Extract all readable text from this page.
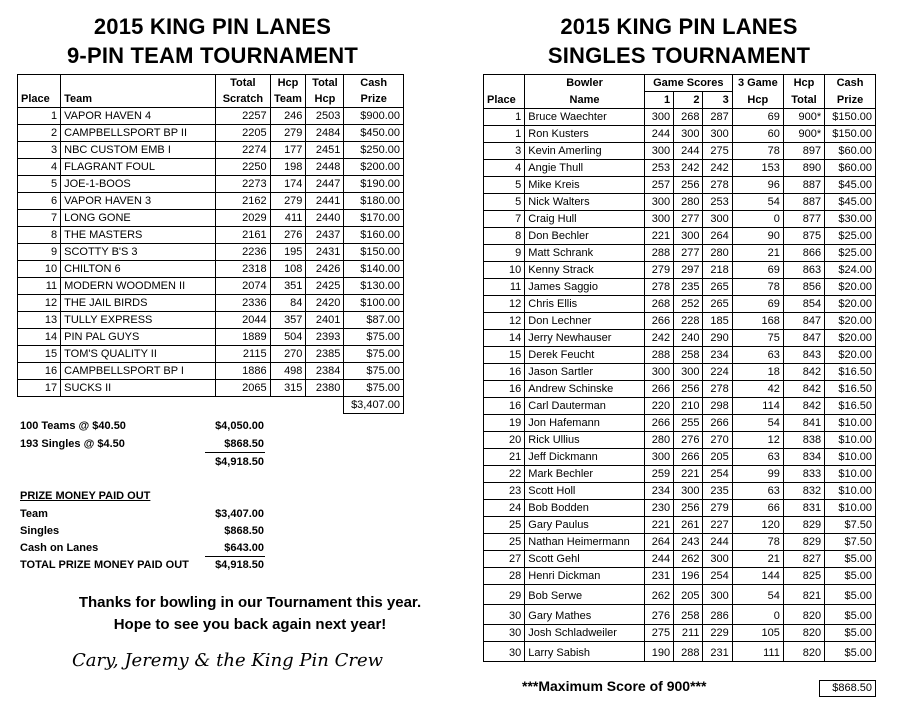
2015 KING PIN LANES
9-PIN TEAM TOURNAMENT
2015 KING PIN LANES
SINGLES TOURNAMENT
		Total	Hcp	Total	Cash
Place	Team	Scratch	Team	Hcp	Prize
1	VAPOR HAVEN 4	2257	246	2503	$900.00
2	CAMPBELLSPORT BP II	2205	279	2484	$450.00
3	NBC CUSTOM EMB I	2274	177	2451	$250.00
4	FLAGRANT FOUL	2250	198	2448	$200.00
5	JOE-1-BOOS	2273	174	2447	$190.00
6	VAPOR HAVEN 3	2162	279	2441	$180.00
7	LONG GONE	2029	411	2440	$170.00
8	THE MASTERS	2161	276	2437	$160.00
9	SCOTTY B'S 3	2236	195	2431	$150.00
10	CHILTON 6	2318	108	2426	$140.00
11	MODERN WOODMEN II	2074	351	2425	$130.00
12	THE JAIL BIRDS	2336	84	2420	$100.00
13	TULLY EXPRESS	2044	357	2401	$87.00
14	PIN PAL GUYS	1889	504	2393	$75.00
15	TOM'S QUALITY II	2115	270	2385	$75.00
16	CAMPBELLSPORT BP I	1886	498	2384	$75.00
17	SUCKS II	2065	315	2380	$75.00
					$3,407.00
100 Teams @ $40.50	$4,050.00
193 Singles @ $4.50	$868.50
$4,918.50
PRIZE MONEY PAID OUT
Team	$3,407.00
Singles	$868.50
Cash on Lanes	$643.00
TOTAL PRIZE MONEY PAID OUT $4,918.50
Thanks for bowling in our Tournament this year.
Hope to see you back again next year!
Cary, Jeremy & the King Pin Crew
	Bowler	Game Scores			3 Game	Hcp	Cash
Place	Name	1	2	3	Hcp	Total	Prize
1	Bruce Waechter	300	268	287	69	900*	$150.00
1	Ron Kusters	244	300	300	60	900*	$150.00
3	Kevin Amerling	300	244	275	78	897	$60.00
4	Angie Thull	253	242	242	153	890	$60.00
5	Mike Kreis	257	256	278	96	887	$45.00
5	Nick Walters	300	280	253	54	887	$45.00
7	Craig Hull	300	277	300	0	877	$30.00
8	Don Bechler	221	300	264	90	875	$25.00
9	Matt Schrank	288	277	280	21	866	$25.00
10	Kenny Strack	279	297	218	69	863	$24.00
11	James Saggio	278	235	265	78	856	$20.00
12	Chris Ellis	268	252	265	69	854	$20.00
12	Don Lechner	266	228	185	168	847	$20.00
14	Jerry Newhauser	242	240	290	75	847	$20.00
15	Derek Feucht	288	258	234	63	843	$20.00
16	Jason Sartler	300	300	224	18	842	$16.50
16	Andrew Schinske	266	256	278	42	842	$16.50
16	Carl Dauterman	220	210	298	114	842	$16.50
19	Jon Hafemann	266	255	266	54	841	$10.00
20	Rick Ullius	280	276	270	12	838	$10.00
21	Jeff Dickmann	300	266	205	63	834	$10.00
22	Mark Bechler	259	221	254	99	833	$10.00
23	Scott Holl	234	300	235	63	832	$10.00
24	Bob Bodden	230	256	279	66	831	$10.00
25	Gary Paulus	221	261	227	120	829	$7.50
25	Nathan Heimermann	264	243	244	78	829	$7.50
27	Scott Gehl	244	262	300	21	827	$5.00
28	Henri Dickman	231	196	254	144	825	$5.00
29	Bob Serwe	262	205	300	54	821	$5.00
30	Gary Mathes	276	258	286	0	820	$5.00
30	Josh Schladweiler	275	211	229	105	820	$5.00
30	Larry Sabish	190	288	231	111	820	$5.00
***Maximum Score of 900***	$868.50
